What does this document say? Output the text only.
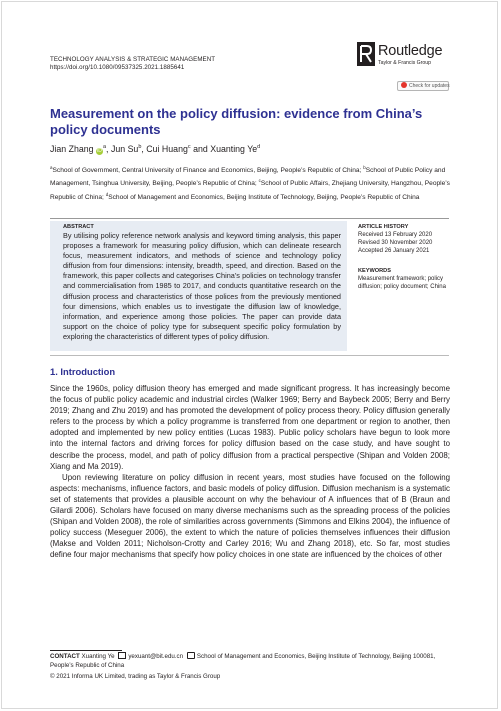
TECHNOLOGY ANALYSIS & STRATEGIC MANAGEMENT
https://doi.org/10.1080/09537325.2021.1885641
Routledge
Taylor & Francis Group
Check for updates
Measurement on the policy diffusion: evidence from China’s policy documents
Jian Zhang $iD^a$, Jun Su$^b$, Cui Huang$^c$ and Xuanting Ye$^d$
$^a$School of Government, Central University of Finance and Economics, Beijing, People’s Republic of China; $^b$School of Public Policy and Management, Tsinghua University, Beijing, People’s Republic of China; $^c$School of Public Affairs, Zhejiang University, Hangzhou, People’s Republic of China; $^d$School of Management and Economics, Beijing Institute of Technology, Beijing, People’s Republic of China
ABSTRACT

By utilising policy reference network analysis and keyword timing analysis, this paper proposes a framework for measuring policy diffusion, which can delineate research focus, measurement indicators, and methods of science and technology policy diffusion from four dimensions: intensity, breadth, speed, and direction. Based on the framework, this paper collects and categorises China’s policies on technology transfer and commercialisation from 1985 to 2017, and conducts quantitative research on the diffusion process and characteristics of those polices from the previously mentioned four dimensions, which enables us to investigate the diffusion law of knowledge, information, and experience among those policies. The paper can provide data support on the choice of policy type for subsequent specific policy formulation by exploring the characteristics of different types of policy diffusion.

ARTICLE HISTORY
Received 13 February 2020
Revised 30 November 2020
Accepted 26 January 2021
KEYWORDS
Measurement framework; policy diffusion; policy document; China
1. Introduction
Since the 1960s, policy diffusion theory has emerged and made significant progress. It has increasingly become the focus of public policy academic and industrial circles (Walker 1969; Berry and Baybeck 2005; Berry and Berry 2019; Zhang and Zhu 2019) and has promoted the development of policy process theory. Policy diffusion generally refers to the process by which a policy programme is transferred from one department or region to another, then adopted and implemented by new policy entities (Lucas 1983). Public policy scholars have begun to look more into the internal factors and driving forces for policy diffusion based on the case study, and have sought to describe the process, model, and path of policy diffusion from a practical perspective (Shipan and Volden 2008; Xiang and Ma 2019).
Upon reviewing literature on policy diffusion in recent years, most studies have focused on the following aspects: mechanisms, influence factors, and basic models of policy diffusion. Diffusion mechanism is a systematic set of statements that provides a plausible account on why the behaviour of A influences that of B (Braun and Gilardi 2006). Scholars have focused on many diverse mechanisms such as the spreading process of the policies (Shipan and Volden 2008), the role of similarities across governments (Simmons and Elkins 2004), the influence of policy success (Meseguer 2006), the extent to which the nature of policies themselves influences their diffusion (Makse and Volden 2011; Nicholson-Crotty and Carley 2016; Wu and Zhang 2018), etc. So far, most studies define four major mechanisms that specify how policy choices in one state are influenced by the choices of other
CONTACT Xuanting Ye yexuant@bit.edu.cn School of Management and Economics, Beijing Institute of Technology, Beijing 100081, People’s Republic of China
© 2021 Informa UK Limited, trading as Taylor & Francis Group
